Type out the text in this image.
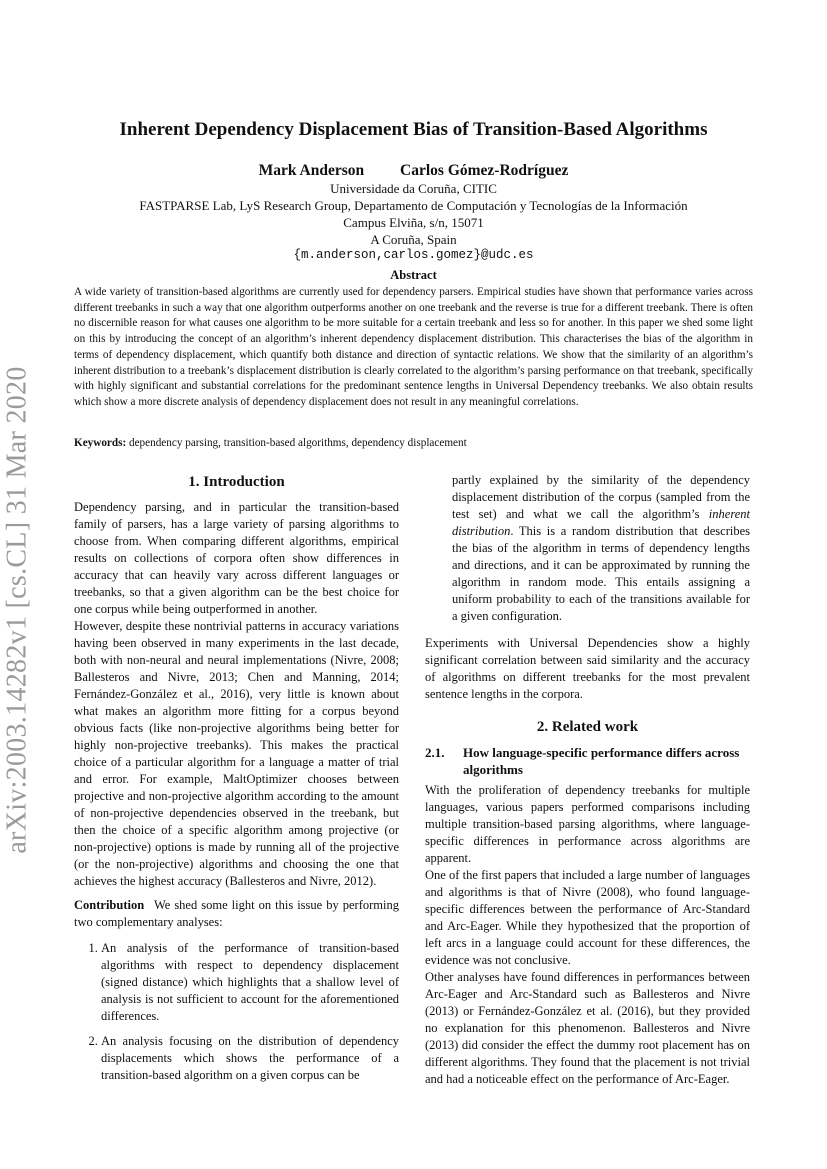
arXiv:2003.14282v1 [cs.CL] 31 Mar 2020
Inherent Dependency Displacement Bias of Transition-Based Algorithms
Mark Anderson Carlos Gómez-Rodríguez
Universidade da Coruña, CITIC
FASTPARSE Lab, LyS Research Group, Departamento de Computación y Tecnologías de la Información
Campus Elviña, s/n, 15071
A Coruña, Spain
{m.anderson,carlos.gomez}@udc.es
Abstract

A wide variety of transition-based algorithms are currently used for dependency parsers. Empirical studies have shown that performance varies across different treebanks in such a way that one algorithm outperforms another on one treebank and the reverse is true for a different treebank. There is often no discernible reason for what causes one algorithm to be more suitable for a certain treebank and less so for another. In this paper we shed some light on this by introducing the concept of an algorithm’s inherent dependency displacement distribution. This characterises the bias of the algorithm in terms of dependency displacement, which quantify both distance and direction of syntactic relations. We show that the similarity of an algorithm’s inherent distribution to a treebank’s displacement distribution is clearly correlated to the algorithm’s parsing performance on that treebank, specifically with highly significant and substantial correlations for the predominant sentence lengths in Universal Dependency treebanks. We also obtain results which show a more discrete analysis of dependency displacement does not result in any meaningful correlations.

Keywords: dependency parsing, transition-based algorithms, dependency displacement

1. Introduction

Dependency parsing, and in particular the transition-based family of parsers, has a large variety of parsing algorithms to choose from. When comparing different algorithms, empirical results on collections of corpora often show differences in accuracy that can heavily vary across different languages or treebanks, so that a given algorithm can be the best choice for one corpus while being outperformed in another.

However, despite these nontrivial patterns in accuracy variations having been observed in many experiments in the last decade, both with non-neural and neural implementations (Nivre, 2008; Ballesteros and Nivre, 2013; Chen and Manning, 2014; Fernández-González et al., 2016), very little is known about what makes an algorithm more fitting for a corpus beyond obvious facts (like non-projective algorithms being better for highly non-projective treebanks). This makes the practical choice of a particular algorithm for a language a matter of trial and error. For example, MaltOptimizer chooses between projective and non-projective algorithm according to the amount of non-projective dependencies observed in the treebank, but then the choice of a specific algorithm among projective (or non-projective) options is made by running all of the projective (or the non-projective) algorithms and choosing the one that achieves the highest accuracy (Ballesteros and Nivre, 2012).

Contribution We shed some light on this issue by performing two complementary analyses:

1. An analysis of the performance of transition-based algorithms with respect to dependency displacement (signed distance) which highlights that a shallow level of analysis is not sufficient to account for the aforementioned differences.
2. An analysis focusing on the distribution of dependency displacements which shows the performance of a transition-based algorithm on a given corpus can be

partly explained by the similarity of the dependency displacement distribution of the corpus (sampled from the test set) and what we call the algorithm’s inherent distribution. This is a random distribution that describes the bias of the algorithm in terms of dependency lengths and directions, and it can be approximated by running the algorithm in random mode. This entails assigning a uniform probability to each of the transitions available for a given configuration.

Experiments with Universal Dependencies show a highly significant correlation between said similarity and the accuracy of algorithms on different treebanks for the most prevalent sentence lengths in the corpora.

2. Related work
2.1.	How language-specific performance differs across algorithms

With the proliferation of dependency treebanks for multiple languages, various papers performed comparisons including multiple transition-based parsing algorithms, where language-specific differences in performance across algorithms are apparent.

One of the first papers that included a large number of languages and algorithms is that of Nivre (2008), who found language-specific differences between the performance of Arc-Standard and Arc-Eager. While they hypothesized that the proportion of left arcs in a language could account for these differences, the evidence was not conclusive.

Other analyses have found differences in performances between Arc-Eager and Arc-Standard such as Ballesteros and Nivre (2013) or Fernández-González et al. (2016), but they provided no explanation for this phenomenon. Ballesteros and Nivre (2013) did consider the effect the dummy root placement has on different algorithms. They found that the placement is not trivial and had a noticeable effect on the performance of Arc-Eager.
